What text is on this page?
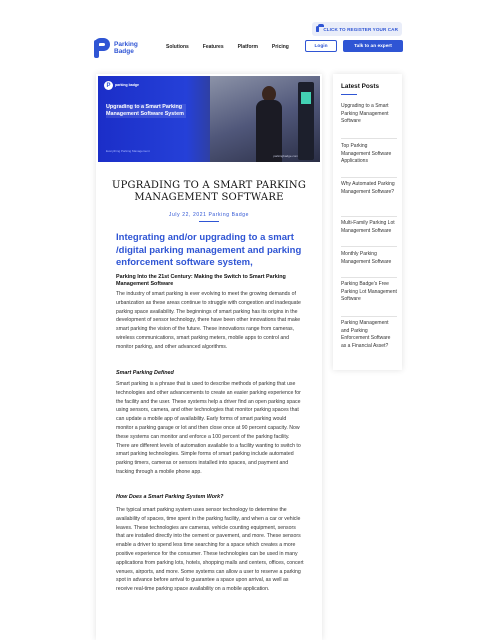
CLICK TO REGISTER YOUR CAR
Parking
Badge
Solutions	Features	Platform	Pricing	Login	Talk to an expert
P	parking badge
Upgrading to a Smart Parking Management Software System
Everything Parking Management
parkingbadge.com
UPGRADING TO A SMART PARKING MANAGEMENT SOFTWARE
July 22, 2021 Parking Badge
Integrating and/or upgrading to a smart /digital parking management and parking enforcement software system,
Parking Into the 21st Century: Making the Switch to Smart Parking Management Software
The industry of smart parking is ever evolving to meet the growing demands of urbanization as these areas continue to struggle with congestion and inadequate parking space availability. The beginnings of smart parking has its origins in the development of sensor technology, there have been other innovations that make smart parking the vision of the future. These innovations range from cameras, wireless communications, smart parking meters, mobile apps to control and monitor parking, and other advanced algorithms.
Smart Parking Defined
Smart parking is a phrase that is used to describe methods of parking that use technologies and other advancements to create an easier parking experience for the facility and the user. These systems help a driver find an open parking space using sensors, camera, and other technologies that monitor parking spaces that can update a mobile app of availability. Early forms of smart parking would monitor a parking garage or lot and then close once at 90 percent capacity. Now these systems can monitor and enforce a 100 percent of the parking facility. There are different levels of automation available to a facility wanting to switch to smart parking technologies. Simple forms of smart parking include automated parking timers, cameras or sensors installed into spaces, and payment and tracking through a mobile phone app.
How Does a Smart Parking System Work?
The typical smart parking system uses sensor technology to determine the availability of spaces, time spent in the parking facility, and when a car or vehicle leaves. These technologies are cameras, vehicle counting equipment, sensors that are installed directly into the cement or pavement, and more. These sensors enable a driver to spend less time searching for a space which creates a more positive experience for the consumer. These technologies can be used in many applications from parking lots, hotels, shopping malls and centers, offices, concert venues, airports, and more. Some systems can allow a user to reserve a parking spot in advance before arrival to guarantee a space upon arrival, as well as receive real-time parking space availability on a mobile application.
Latest Posts
Upgrading to a Smart Parking Management Software
Top Parking Management Software Applications
Why Automated Parking Management Software?
Multi-Family Parking Lot Management Software
Monthly Parking Management Software
Parking Badge's Free Parking Lot Management Software
Parking Management and Parking Enforcement Software as a Financial Asset?
